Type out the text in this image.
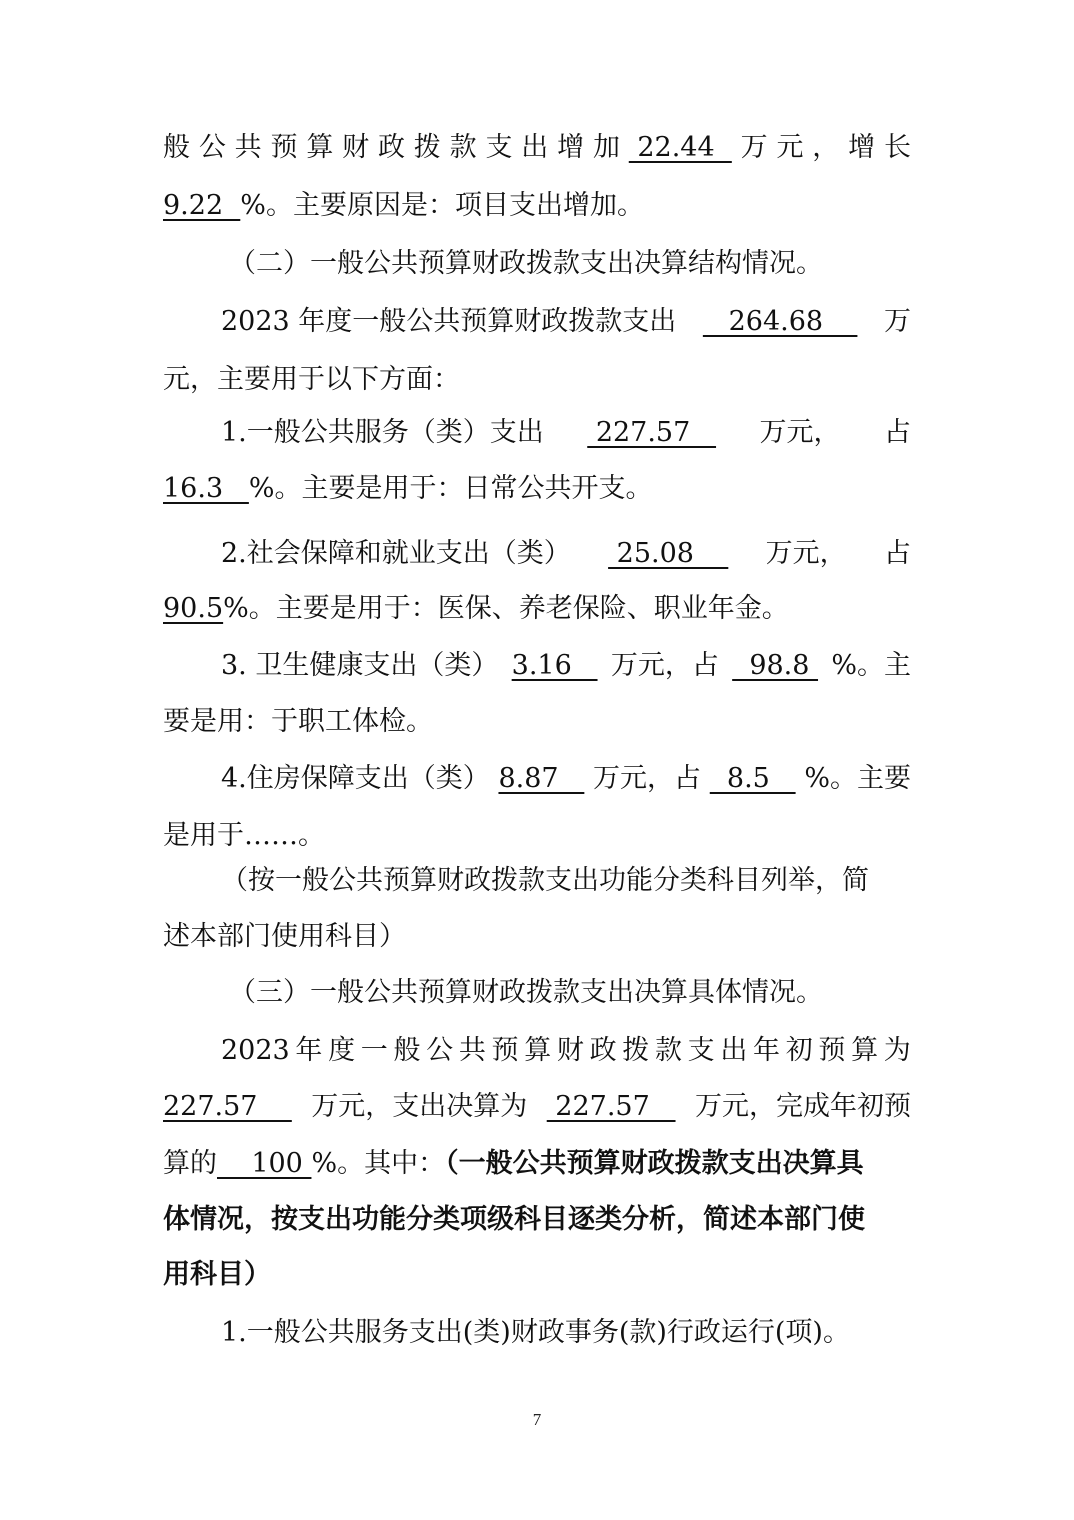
般 公 共 预 算 财 政 拨 款 支 出 增 加 22.44 万 元 ， 增 长
9.22  %。主要原因是：项目支出增加。
（二）一般公共预算财政拨款支出决算结构情况。
2023 年度一般公共预算财政拨款支出 264.68 万
元，主要用于以下方面：
1.一般公共服务（类）支出 227.57 万元， 占
16.3   %。主要是用于：日常公共开支。
2.社会保障和就业支出（类） 25.08 万元， 占
90.5%。主要是用于：医保、养老保险、职业年金。
3. 卫生健康支出（类） 3.16 万元，占 98.8 %。主
要是用：于职工体检。
4.住房保障支出（类） 8.87 万元，占 8.5 %。主要
是用于……。
（按一般公共预算财政拨款支出功能分类科目列举，简
述本部门使用科目）
（三）一般公共预算财政拨款支出决算具体情况。
2023 年 度 一 般 公 共 预 算 财 政 拨 款 支 出 年 初 预 算 为
227.57 万元，支出决算为 227.57 万元，完成年初预
算的    100 %。其中：（一般公共预算财政拨款支出决算具
体情况，按支出功能分类项级科目逐类分析，简述本部门使
用科目）
1.一般公共服务支出(类)财政事务(款)行政运行(项)。
7
